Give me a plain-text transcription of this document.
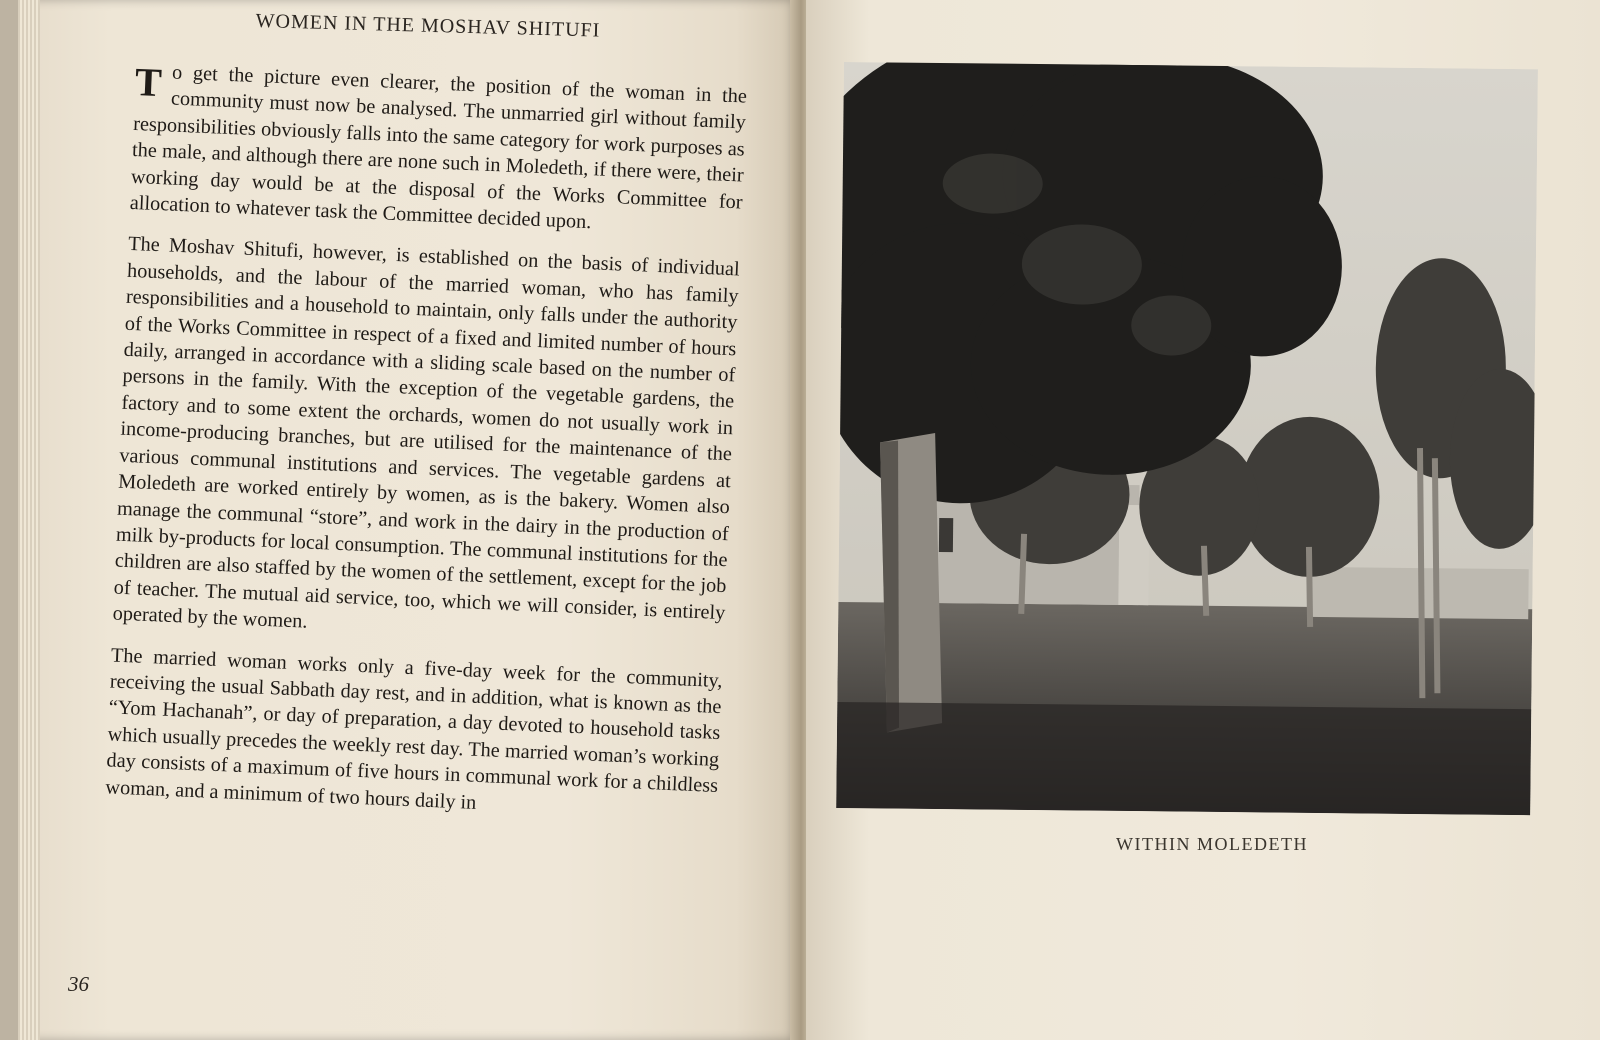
WOMEN IN THE MOSHAV SHITUFI

To get the picture even clearer, the position of the woman in the community must now be analysed. The unmarried girl without family responsibilities obviously falls into the same category for work purposes as the male, and although there are none such in Moledeth, if there were, their working day would be at the disposal of the Works Committee for allocation to whatever task the Committee decided upon.

The Moshav Shitufi, however, is established on the basis of individual households, and the labour of the married woman, who has family responsibilities and a household to maintain, only falls under the authority of the Works Committee in respect of a fixed and limited number of hours daily, arranged in accordance with a sliding scale based on the number of persons in the family. With the exception of the vegetable gardens, the factory and to some extent the orchards, women do not usually work in income-producing branches, but are utilised for the maintenance of the various communal institutions and services. The vegetable gardens at Moledeth are worked entirely by women, as is the bakery. Women also manage the communal “store”, and work in the dairy in the production of milk by-products for local consumption. The communal institutions for the children are also staffed by the women of the settlement, except for the job of teacher. The mutual aid service, too, which we will consider, is entirely operated by the women.

The married woman works only a five-day week for the community, receiving the usual Sabbath day rest, and in addition, what is known as the “Yom Hachanah”, or day of preparation, a day devoted to household tasks which usually precedes the weekly rest day. The married woman’s working day consists of a maximum of five hours in communal work for a childless woman, and a minimum of two hours daily in

36
WITHIN MOLEDETH
